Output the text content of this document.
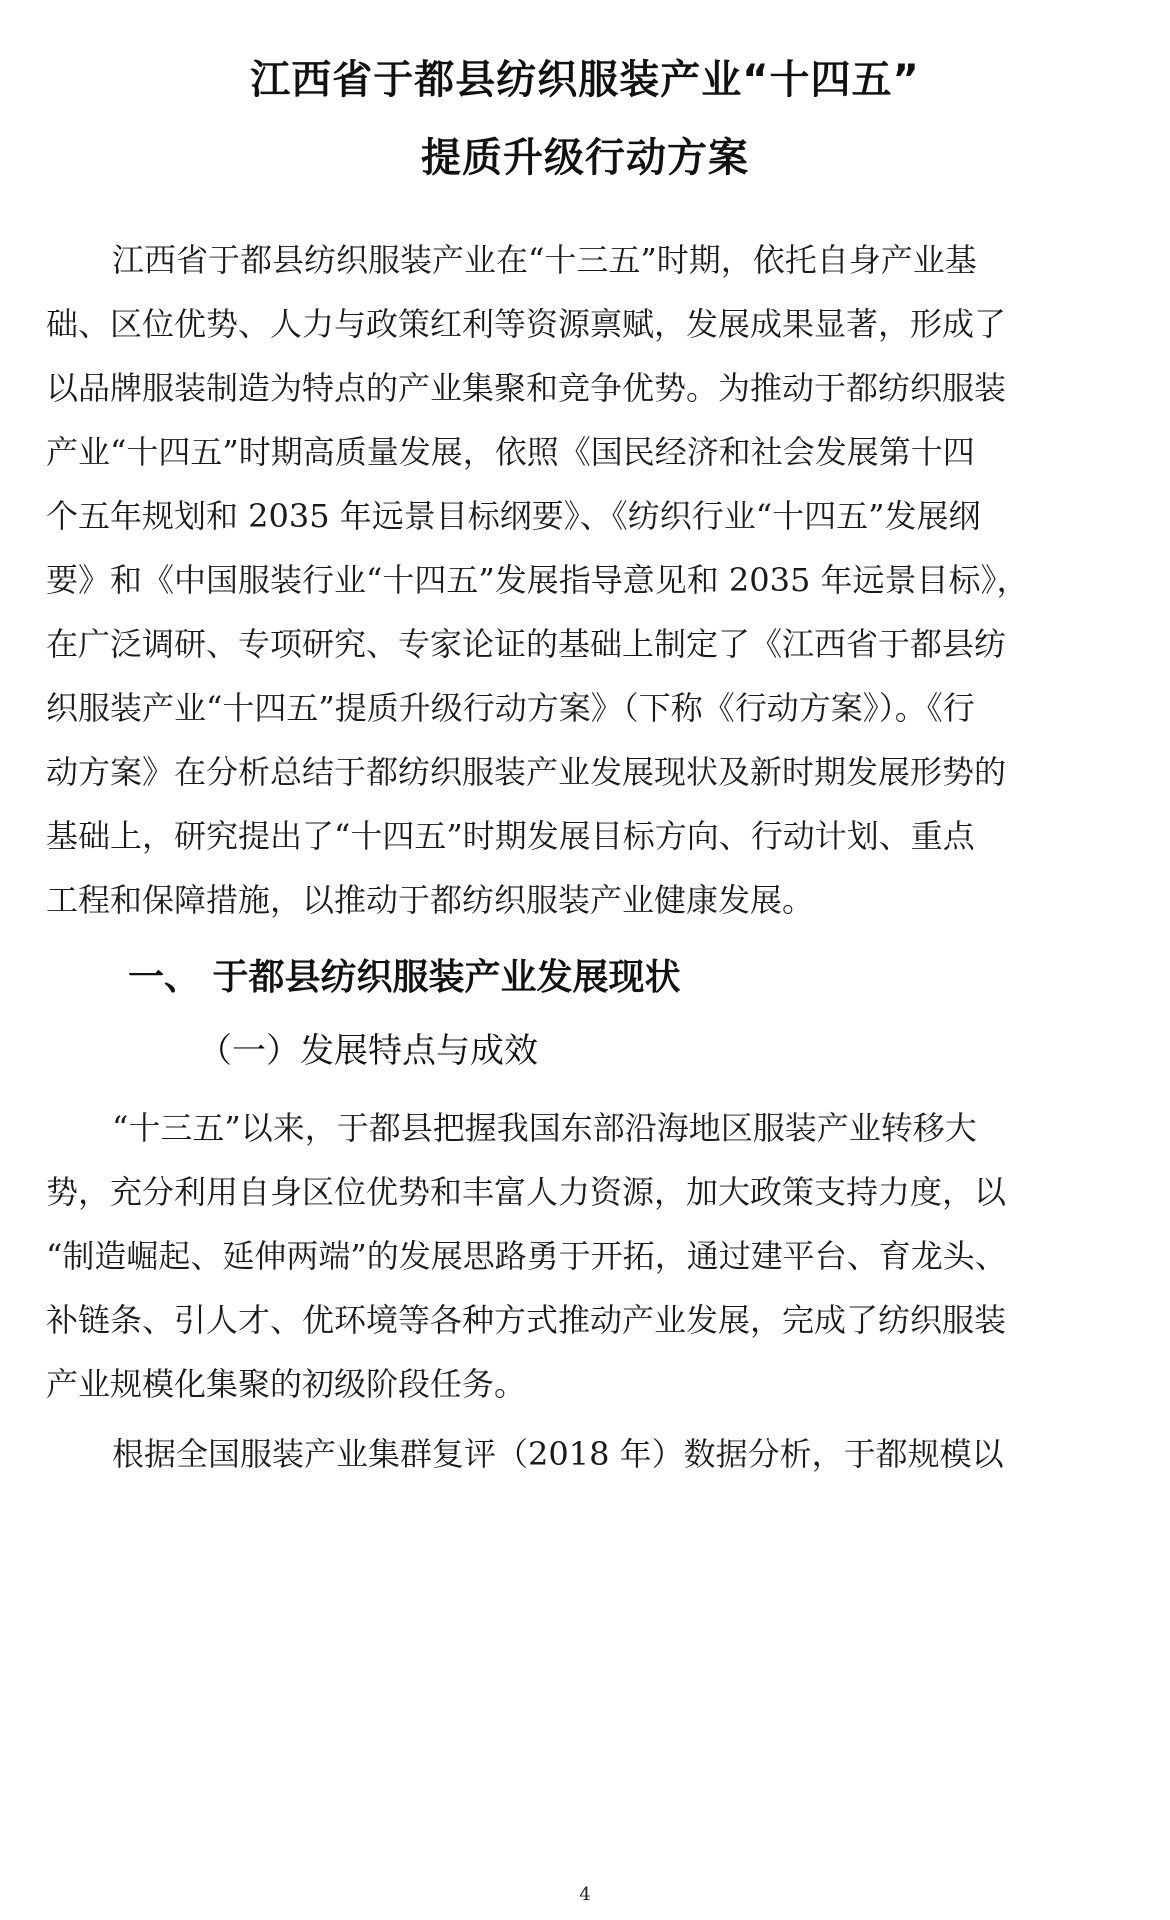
江西省于都县纺织服装产业“十四五”
提质升级行动方案

江西省于都县纺织服装产业在“十三五”时期，依托自身产业基

础、区位优势、人力与政策红利等资源禀赋，发展成果显著，形成了

以品牌服装制造为特点的产业集聚和竞争优势。为推动于都纺织服装

产业“十四五”时期高质量发展，依照《国民经济和社会发展第十四

个五年规划和 2035 年远景目标纲要》、《纺织行业“十四五”发展纲

要》和《中国服装行业“十四五”发展指导意见和 2035 年远景目标》，

在广泛调研、专项研究、专家论证的基础上制定了《江西省于都县纺

织服装产业“十四五”提质升级行动方案》（下称《行动方案》）。《行

动方案》在分析总结于都纺织服装产业发展现状及新时期发展形势的

基础上，研究提出了“十四五”时期发展目标方向、行动计划、重点

工程和保障措施，以推动于都纺织服装产业健康发展。

一、 于都县纺织服装产业发展现状

（一）发展特点与成效

“十三五”以来，于都县把握我国东部沿海地区服装产业转移大

势，充分利用自身区位优势和丰富人力资源，加大政策支持力度，以

“制造崛起、延伸两端”的发展思路勇于开拓，通过建平台、育龙头、

补链条、引人才、优环境等各种方式推动产业发展，完成了纺织服装

产业规模化集聚的初级阶段任务。

根据全国服装产业集群复评（2018 年）数据分析，于都规模以

4
